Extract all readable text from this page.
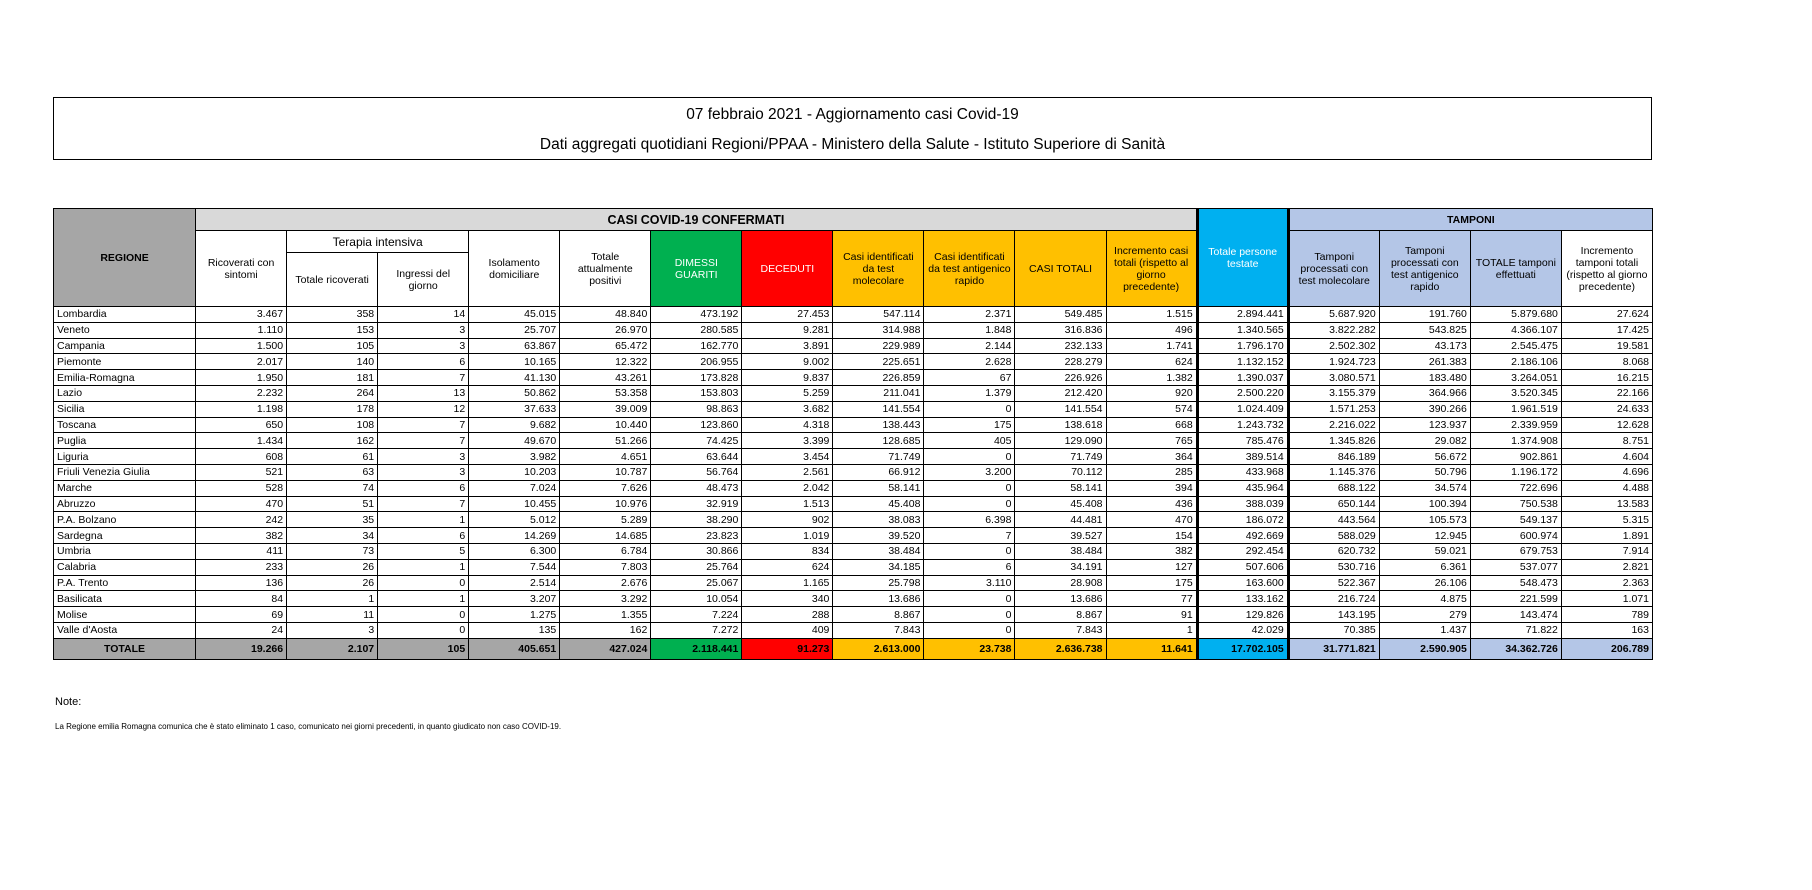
07 febbraio 2021 - Aggiornamento casi Covid-19
Dati aggregati quotidiani Regioni/PPAA - Ministero della Salute - Istituto Superiore di Sanità
REGIONE	CASI COVID-19 CONFERMATI											Totale persone testate	TAMPONI			
	Ricoverati con sintomi	Terapia intensiva		Isolamento domiciliare	Totale attualmente positivi	DIMESSI GUARITI	DECEDUTI	Casi identificati da test molecolare	Casi identificati da test antigenico rapido	CASI TOTALI	Incremento casi totali (rispetto al giorno precedente)		Tamponi processati con test molecolare	Tamponi processati con test antigenico rapido	TOTALE tamponi effettuati	Incremento tamponi totali (rispetto al giorno precedente)
		Totale ricoverati	Ingressi del giorno													
Lombardia	3.467	358	14	45.015	48.840	473.192	27.453	547.114	2.371	549.485	1.515	2.894.441	5.687.920	191.760	5.879.680	27.624
Veneto	1.110	153	3	25.707	26.970	280.585	9.281	314.988	1.848	316.836	496	1.340.565	3.822.282	543.825	4.366.107	17.425
Campania	1.500	105	3	63.867	65.472	162.770	3.891	229.989	2.144	232.133	1.741	1.796.170	2.502.302	43.173	2.545.475	19.581
Piemonte	2.017	140	6	10.165	12.322	206.955	9.002	225.651	2.628	228.279	624	1.132.152	1.924.723	261.383	2.186.106	8.068
Emilia-Romagna	1.950	181	7	41.130	43.261	173.828	9.837	226.859	67	226.926	1.382	1.390.037	3.080.571	183.480	3.264.051	16.215
Lazio	2.232	264	13	50.862	53.358	153.803	5.259	211.041	1.379	212.420	920	2.500.220	3.155.379	364.966	3.520.345	22.166
Sicilia	1.198	178	12	37.633	39.009	98.863	3.682	141.554	0	141.554	574	1.024.409	1.571.253	390.266	1.961.519	24.633
Toscana	650	108	7	9.682	10.440	123.860	4.318	138.443	175	138.618	668	1.243.732	2.216.022	123.937	2.339.959	12.628
Puglia	1.434	162	7	49.670	51.266	74.425	3.399	128.685	405	129.090	765	785.476	1.345.826	29.082	1.374.908	8.751
Liguria	608	61	3	3.982	4.651	63.644	3.454	71.749	0	71.749	364	389.514	846.189	56.672	902.861	4.604
Friuli Venezia Giulia	521	63	3	10.203	10.787	56.764	2.561	66.912	3.200	70.112	285	433.968	1.145.376	50.796	1.196.172	4.696
Marche	528	74	6	7.024	7.626	48.473	2.042	58.141	0	58.141	394	435.964	688.122	34.574	722.696	4.488
Abruzzo	470	51	7	10.455	10.976	32.919	1.513	45.408	0	45.408	436	388.039	650.144	100.394	750.538	13.583
P.A. Bolzano	242	35	1	5.012	5.289	38.290	902	38.083	6.398	44.481	470	186.072	443.564	105.573	549.137	5.315
Sardegna	382	34	6	14.269	14.685	23.823	1.019	39.520	7	39.527	154	492.669	588.029	12.945	600.974	1.891
Umbria	411	73	5	6.300	6.784	30.866	834	38.484	0	38.484	382	292.454	620.732	59.021	679.753	7.914
Calabria	233	26	1	7.544	7.803	25.764	624	34.185	6	34.191	127	507.606	530.716	6.361	537.077	2.821
P.A. Trento	136	26	0	2.514	2.676	25.067	1.165	25.798	3.110	28.908	175	163.600	522.367	26.106	548.473	2.363
Basilicata	84	1	1	3.207	3.292	10.054	340	13.686	0	13.686	77	133.162	216.724	4.875	221.599	1.071
Molise	69	11	0	1.275	1.355	7.224	288	8.867	0	8.867	91	129.826	143.195	279	143.474	789
Valle d'Aosta	24	3	0	135	162	7.272	409	7.843	0	7.843	1	42.029	70.385	1.437	71.822	163
TOTALE	19.266	2.107	105	405.651	427.024	2.118.441	91.273	2.613.000	23.738	2.636.738	11.641	17.702.105	31.771.821	2.590.905	34.362.726	206.789
Note:
La Regione emilia Romagna comunica che è stato eliminato 1 caso, comunicato nei giorni precedenti, in quanto giudicato non caso COVID-19.
